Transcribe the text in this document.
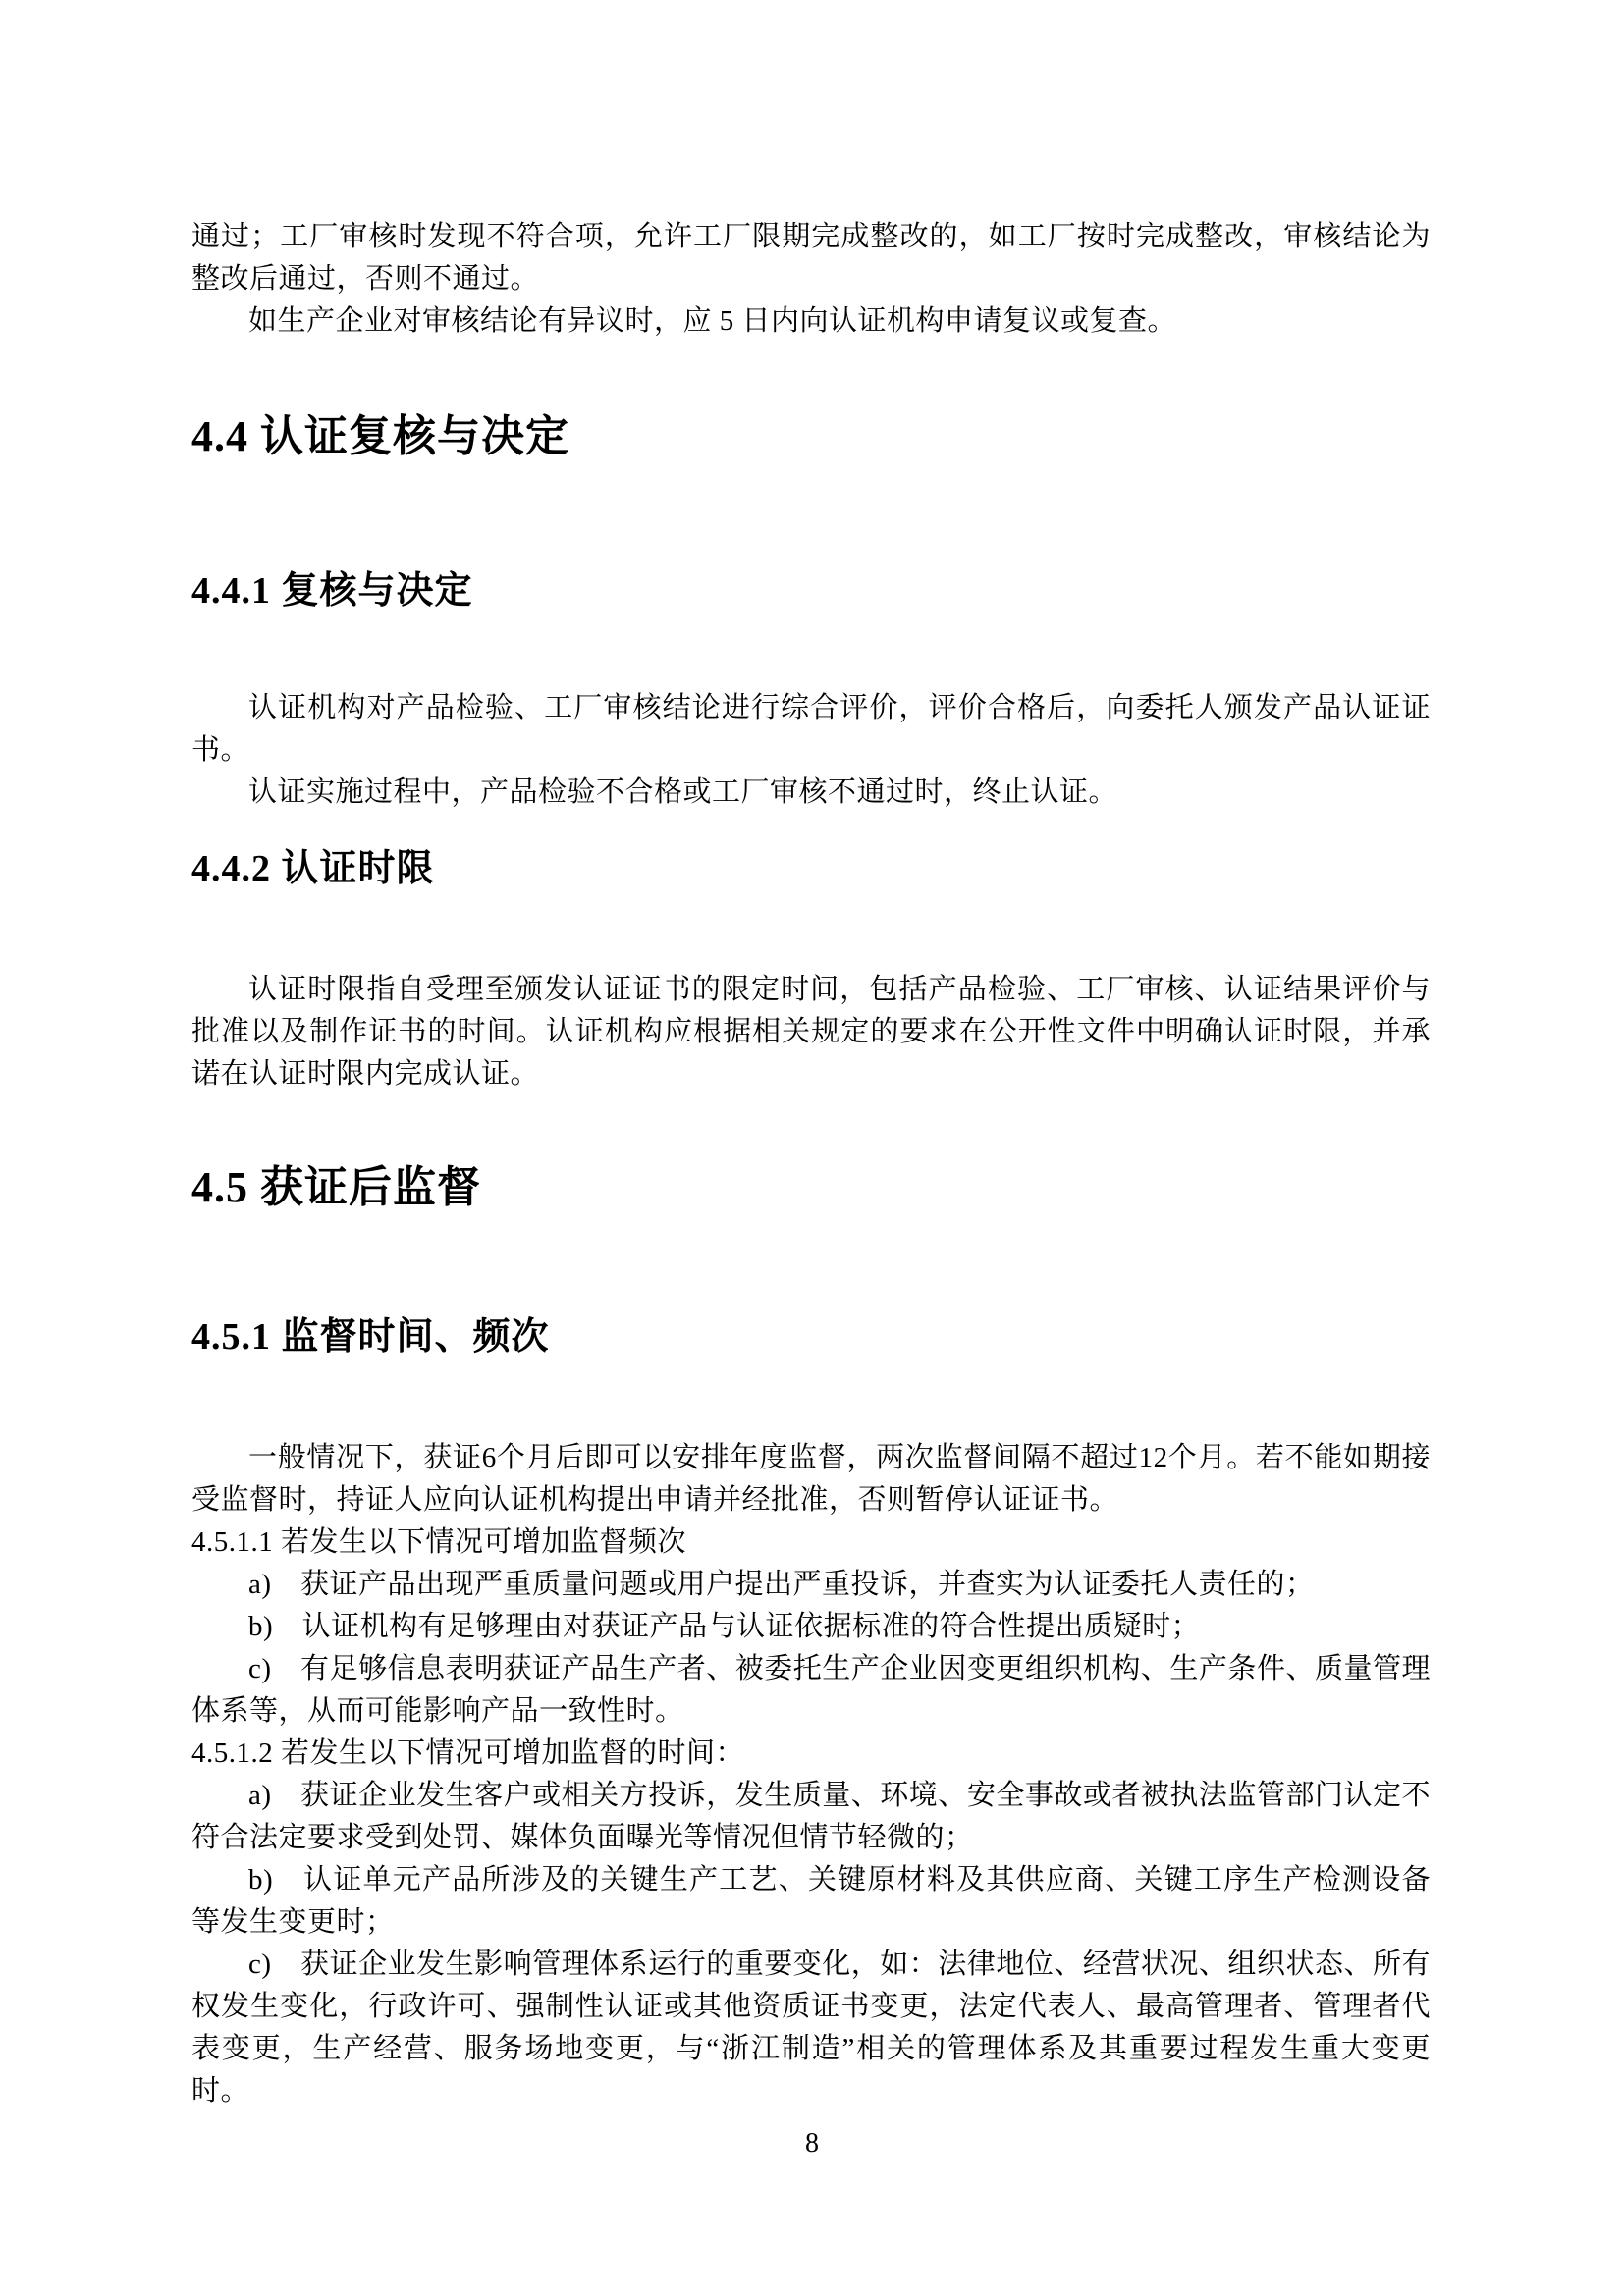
通过；工厂审核时发现不符合项，允许工厂限期完成整改的，如工厂按时完成整改，审核结论为整改后通过，否则不通过。

如生产企业对审核结论有异议时，应 5 日内向认证机构申请复议或复查。

4.4 认证复核与决定
4.4.1 复核与决定

认证机构对产品检验、工厂审核结论进行综合评价，评价合格后，向委托人颁发产品认证证书。

认证实施过程中，产品检验不合格或工厂审核不通过时，终止认证。

4.4.2 认证时限

认证时限指自受理至颁发认证证书的限定时间，包括产品检验、工厂审核、认证结果评价与批准以及制作证书的时间。认证机构应根据相关规定的要求在公开性文件中明确认证时限，并承诺在认证时限内完成认证。

4.5 获证后监督
4.5.1 监督时间、频次

一般情况下，获证6个月后即可以安排年度监督，两次监督间隔不超过12个月。若不能如期接受监督时，持证人应向认证机构提出申请并经批准，否则暂停认证证书。

4.5.1.1 若发生以下情况可增加监督频次

a)　获证产品出现严重质量问题或用户提出严重投诉，并查实为认证委托人责任的；

b)　认证机构有足够理由对获证产品与认证依据标准的符合性提出质疑时；

c)　有足够信息表明获证产品生产者、被委托生产企业因变更组织机构、生产条件、质量管理体系等，从而可能影响产品一致性时。

4.5.1.2 若发生以下情况可增加监督的时间：

a)　获证企业发生客户或相关方投诉，发生质量、环境、安全事故或者被执法监管部门认定不符合法定要求受到处罚、媒体负面曝光等情况但情节轻微的；

b)　认证单元产品所涉及的关键生产工艺、关键原材料及其供应商、关键工序生产检测设备等发生变更时；

c)　获证企业发生影响管理体系运行的重要变化，如：法律地位、经营状况、组织状态、所有权发生变化，行政许可、强制性认证或其他资质证书变更，法定代表人、最高管理者、管理者代表变更，生产经营、服务场地变更，与“浙江制造”相关的管理体系及其重要过程发生重大变更时。

8
